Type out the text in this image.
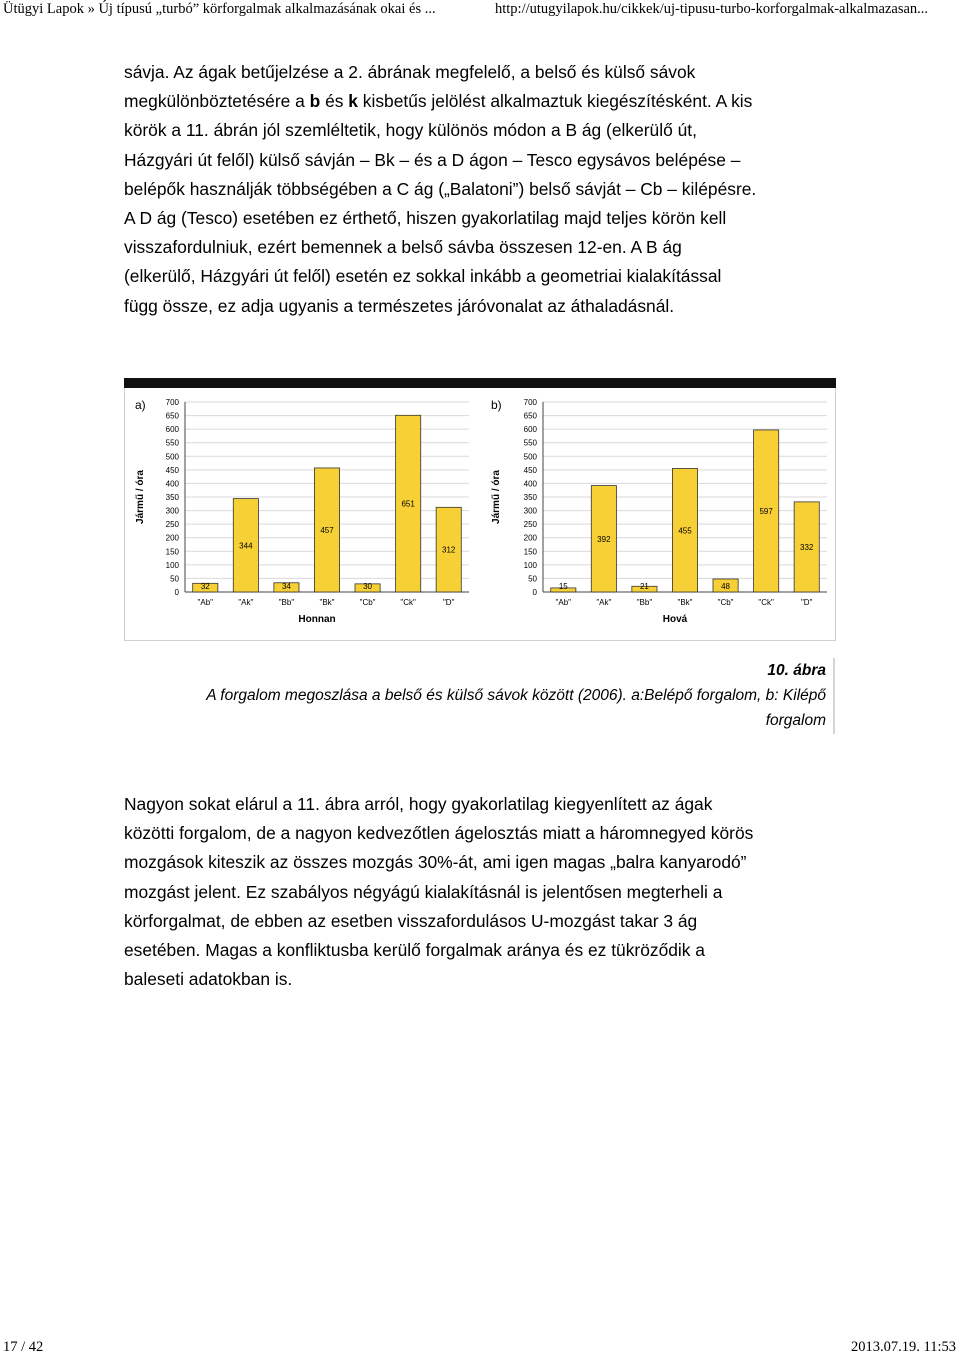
Ütügyi Lapok » Új típusú „turbó” körforgalmak alkalmazásának okai és ...	http://utugyilapok.hu/cikkek/uj-tipusu-turbo-korforgalmak-alkalmazasan...
sávja. Az ágak betűjelzése a 2. ábrának megfelelő, a belső és külső sávok
megkülönböztetésére a b és k kisbetűs jelölést alkalmaztuk kiegészítésként. A kis
körök a 11. ábrán jól szemléltetik, hogy különös módon a B ág (elkerülő út,
Házgyári út felől) külső sávján – Bk – és a D ágon – Tesco egysávos belépése –
belépők használják többségében a C ág („Balatoni”) belső sávját – Cb – kilépésre.
A D ág (Tesco) esetében ez érthető, hiszen gyakorlatilag majd teljes körön kell
visszafordulniuk, ezért bemennek a belső sávba összesen 12-en. A B ág
(elkerülő, Házgyári út felől) esetén ez sokkal inkább a geometriai kialakítással
függ össze, ez adja ugyanis a természetes járóvonalat az áthaladásnál.
a)
0
50
100
150
200
250
300
350
400
450
500
550
600
650
700
Jármű / óra
32
"Ab"
344
"Ak"
34
"Bb"
457
"Bk"
30
"Cb"
651
"Ck"
312
"D"
Honnan
b)
0
50
100
150
200
250
300
350
400
450
500
550
600
650
700
Jármű / óra
15
"Ab"
392
"Ak"
21
"Bb"
455
"Bk"
48
"Cb"
597
"Ck"
332
"D"
Hová
10. ábra
A forgalom megoszlása a belső és külső sávok között (2006). a:Belépő forgalom, b: Kilépő
forgalom
Nagyon sokat elárul a 11. ábra arról, hogy gyakorlatilag kiegyenlített az ágak
közötti forgalom, de a nagyon kedvezőtlen ágelosztás miatt a háromnegyed körös
mozgások kiteszik az összes mozgás 30%-át, ami igen magas „balra kanyarodó”
mozgást jelent. Ez szabályos négyágú kialakításnál is jelentősen megterheli a
körforgalmat, de ebben az esetben visszafordulásos U-mozgást takar 3 ág
esetében. Magas a konfliktusba kerülő forgalmak aránya és ez tükröződik a
baleseti adatokban is.
17 / 42	2013.07.19. 11:53
